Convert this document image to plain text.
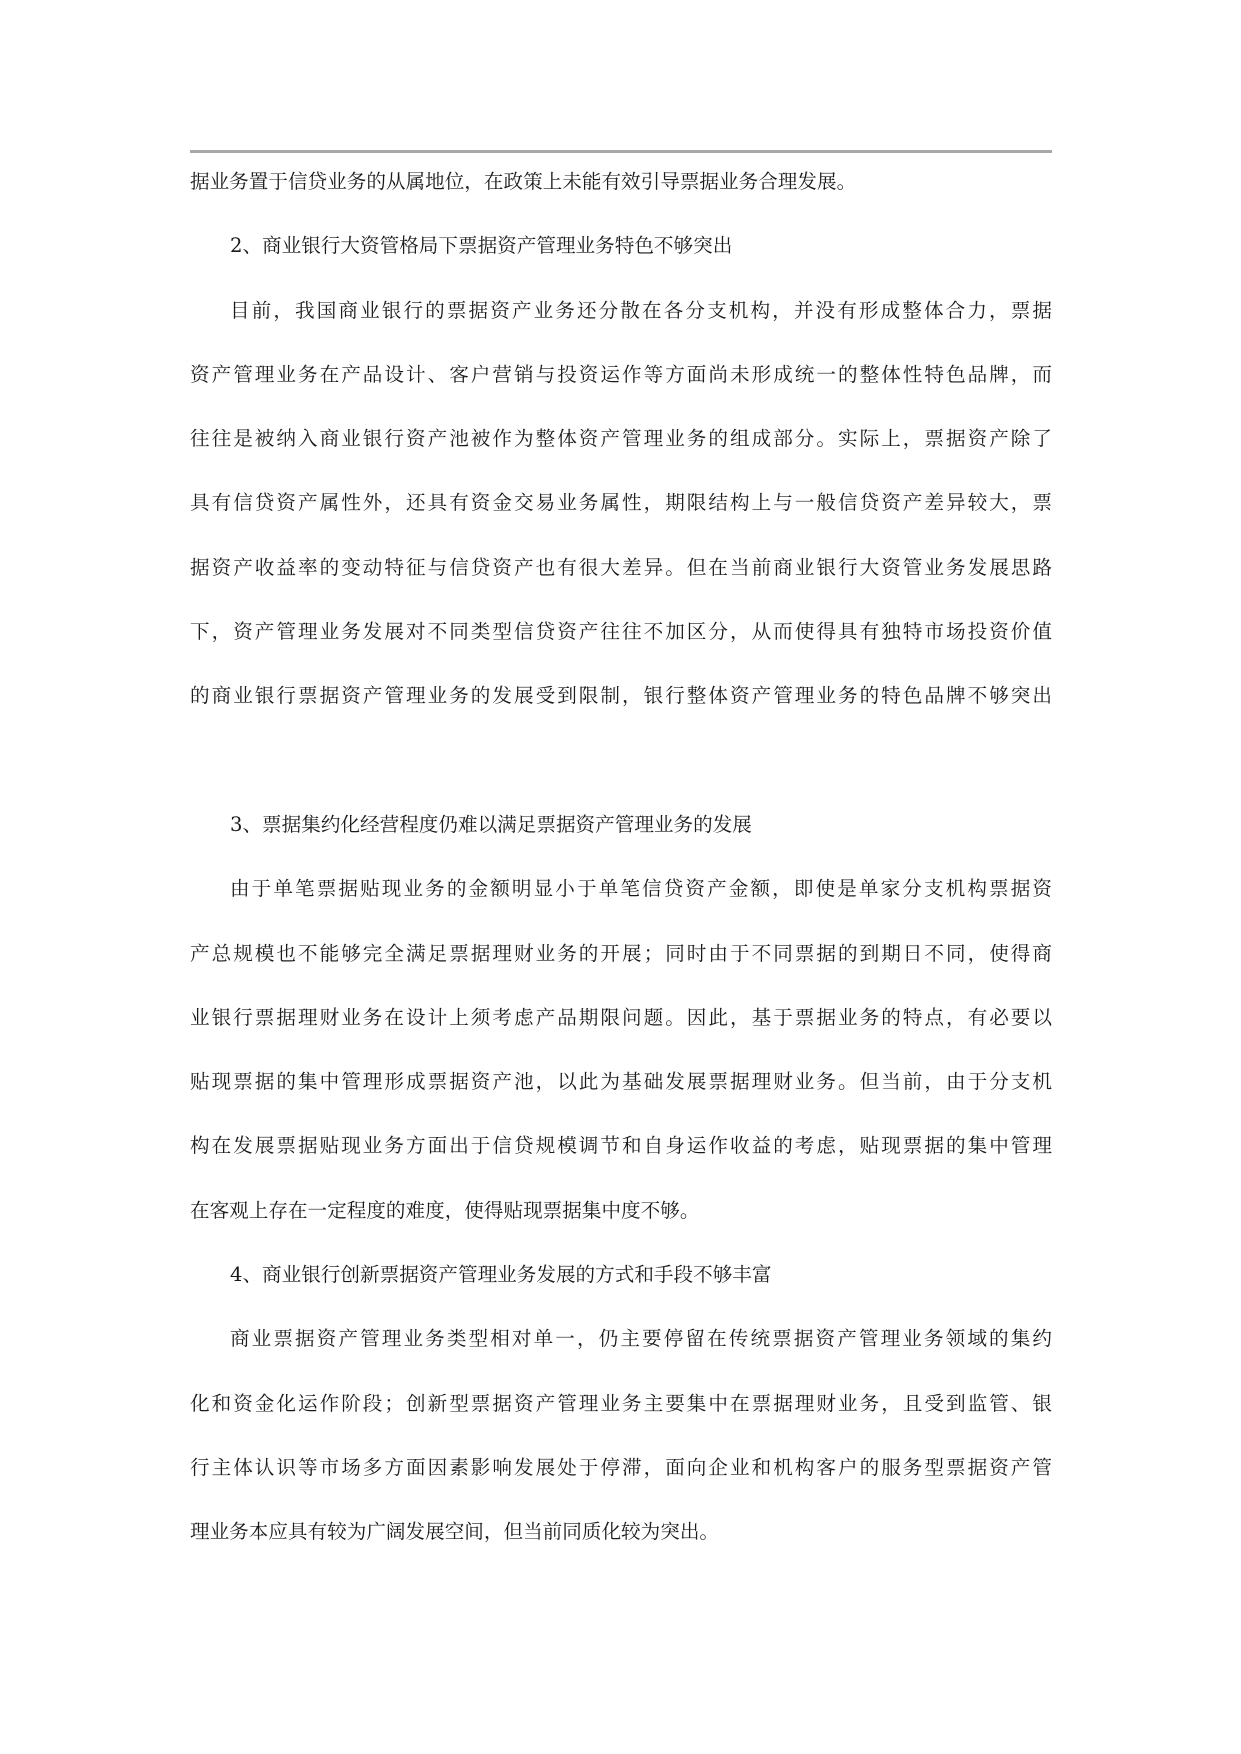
据业务置于信贷业务的从属地位，在政策上未能有效引导票据业务合理发展。
2、商业银行大资管格局下票据资产管理业务特色不够突出
目前，我国商业银行的票据资产业务还分散在各分支机构，并没有形成整体合力，票据
资产管理业务在产品设计、客户营销与投资运作等方面尚未形成统一的整体性特色品牌，而
往往是被纳入商业银行资产池被作为整体资产管理业务的组成部分。实际上，票据资产除了
具有信贷资产属性外，还具有资金交易业务属性，期限结构上与一般信贷资产差异较大，票
据资产收益率的变动特征与信贷资产也有很大差异。但在当前商业银行大资管业务发展思路
下，资产管理业务发展对不同类型信贷资产往往不加区分，从而使得具有独特市场投资价值
的商业银行票据资产管理业务的发展受到限制，银行整体资产管理业务的特色品牌不够突出
3、票据集约化经营程度仍难以满足票据资产管理业务的发展
由于单笔票据贴现业务的金额明显小于单笔信贷资产金额，即使是单家分支机构票据资
产总规模也不能够完全满足票据理财业务的开展；同时由于不同票据的到期日不同，使得商
业银行票据理财业务在设计上须考虑产品期限问题。因此，基于票据业务的特点，有必要以
贴现票据的集中管理形成票据资产池，以此为基础发展票据理财业务。但当前，由于分支机
构在发展票据贴现业务方面出于信贷规模调节和自身运作收益的考虑，贴现票据的集中管理
在客观上存在一定程度的难度，使得贴现票据集中度不够。
4、商业银行创新票据资产管理业务发展的方式和手段不够丰富
商业票据资产管理业务类型相对单一，仍主要停留在传统票据资产管理业务领域的集约
化和资金化运作阶段；创新型票据资产管理业务主要集中在票据理财业务，且受到监管、银
行主体认识等市场多方面因素影响发展处于停滞，面向企业和机构客户的服务型票据资产管
理业务本应具有较为广阔发展空间，但当前同质化较为突出。
